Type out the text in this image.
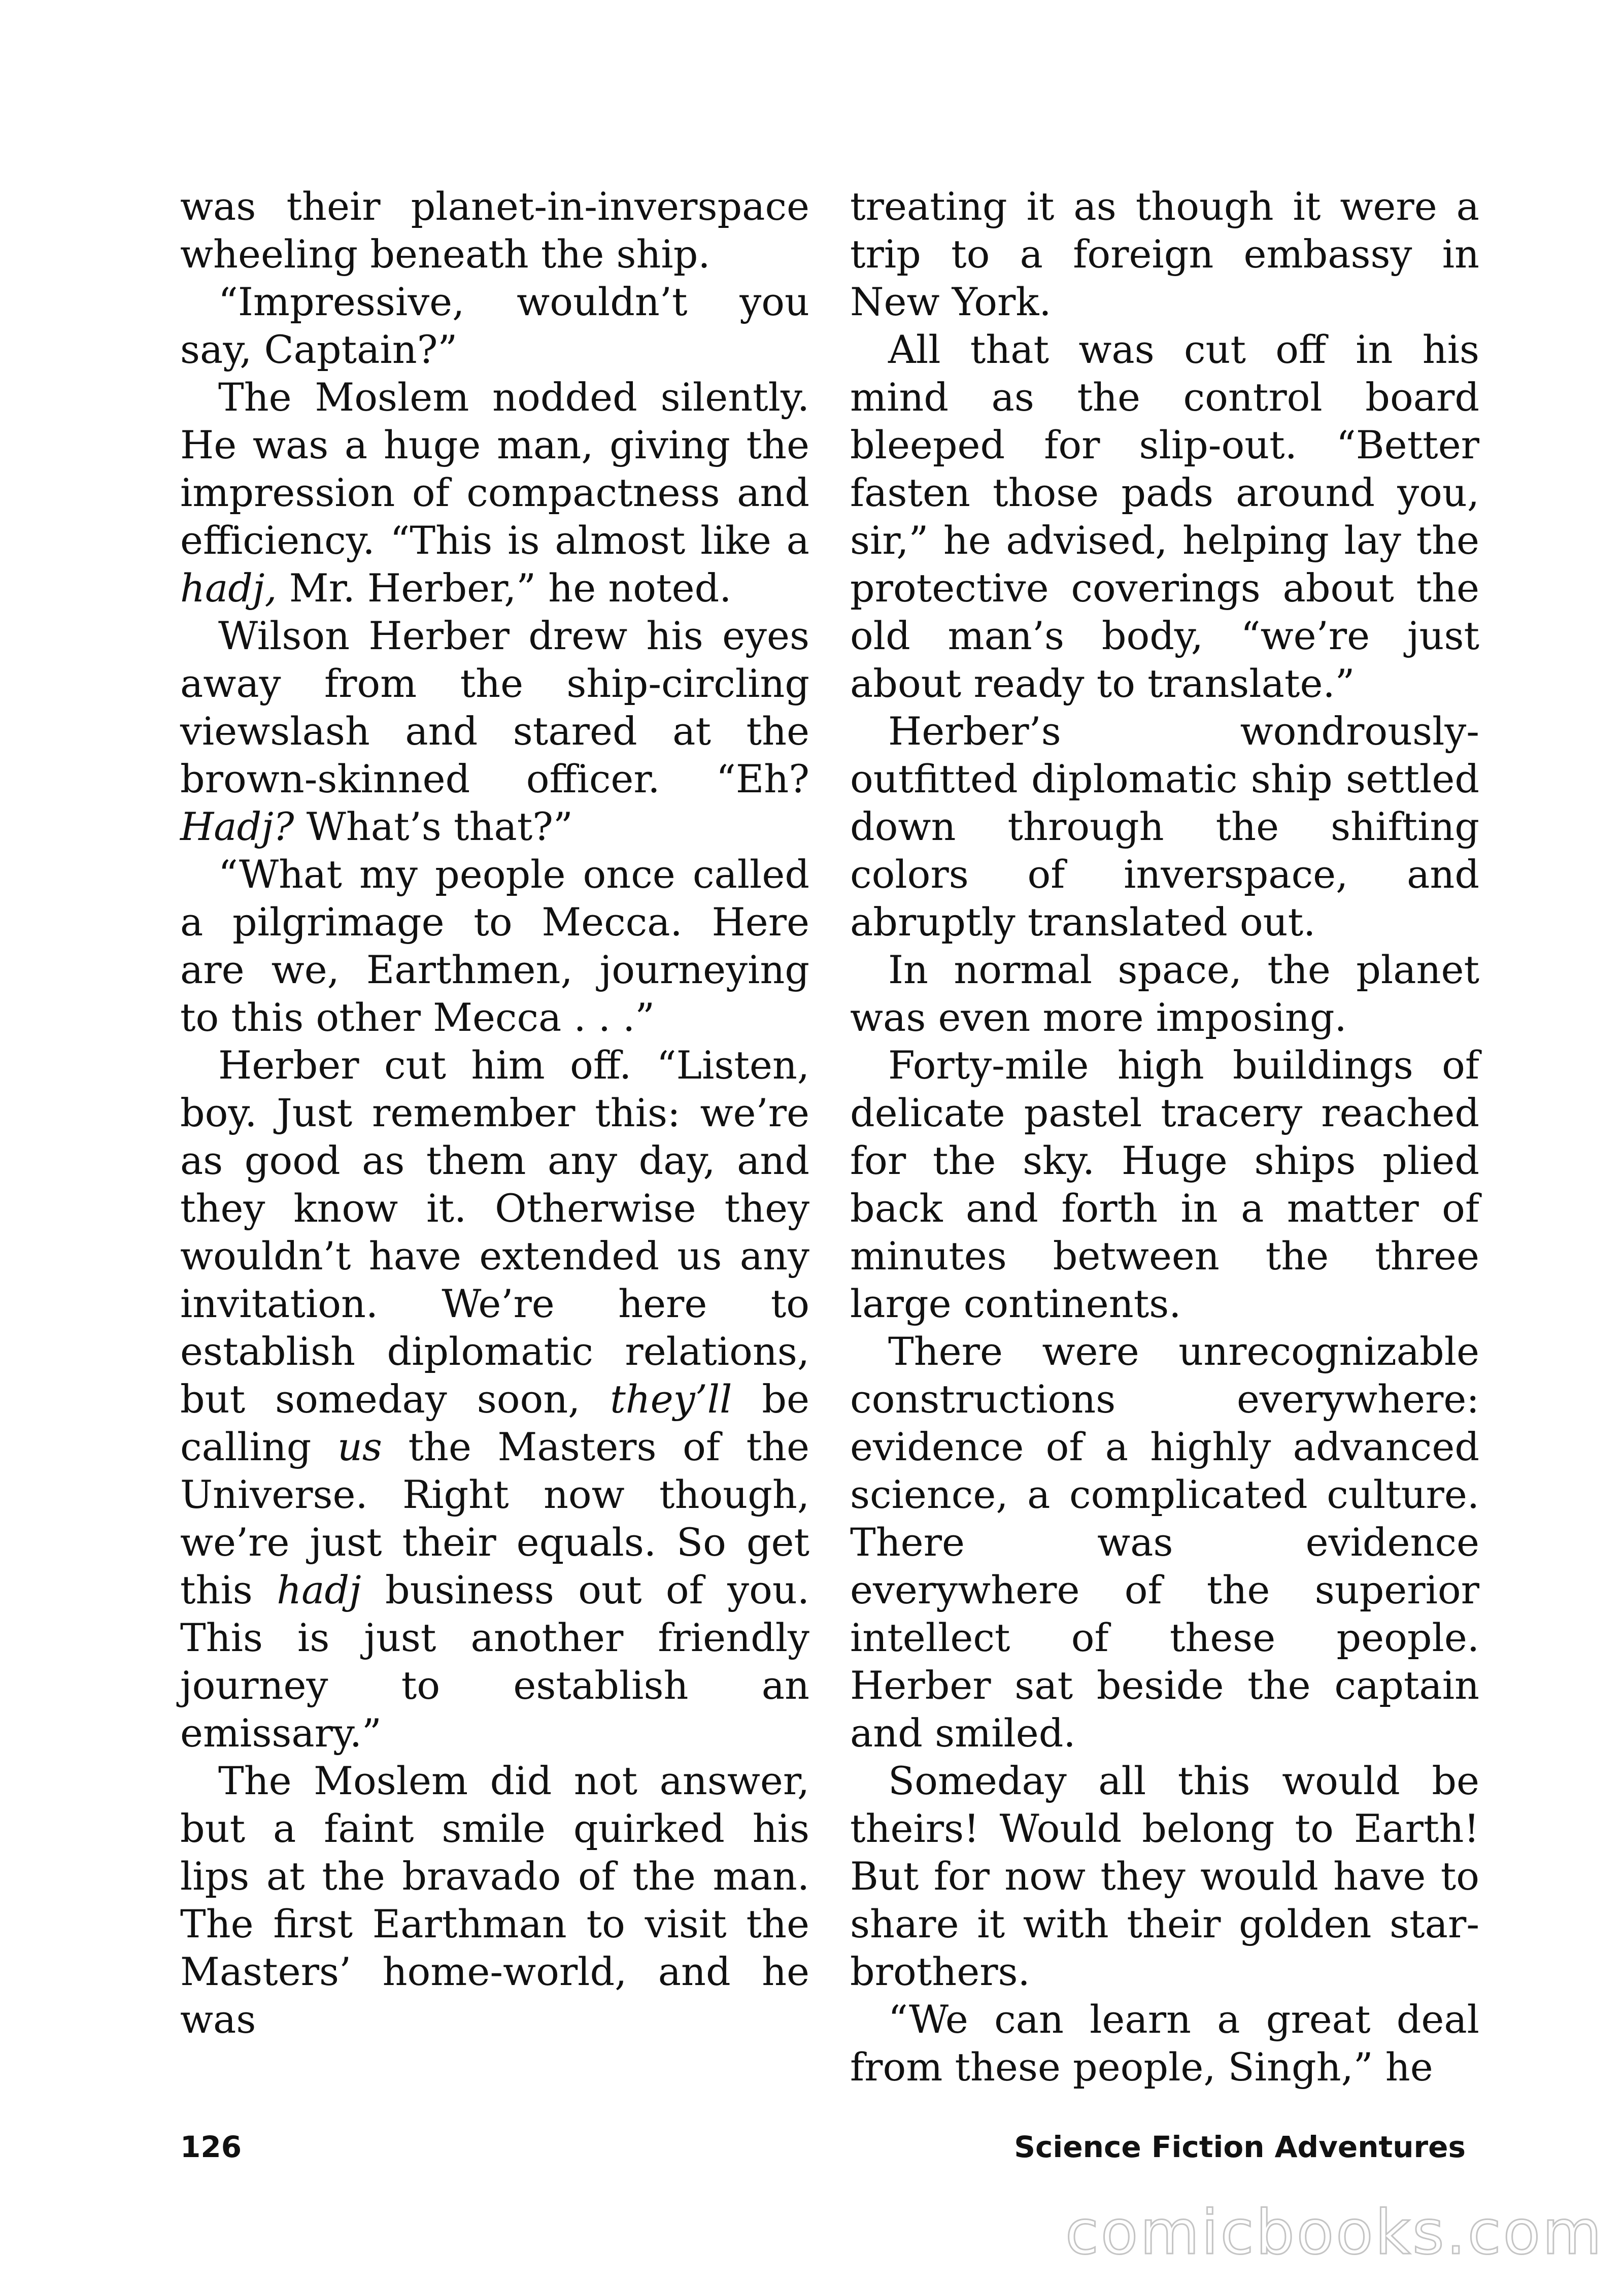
was their planet-in-inverspace wheeling beneath the ship.

“Impressive, wouldn’t you say, Captain?”

The Moslem nodded silently. He was a huge man, giving the impression of compactness and efficiency. “This is almost like a hadj, Mr. Herber,” he noted.

Wilson Herber drew his eyes away from the ship-circling viewslash and stared at the brown-skinned officer. “Eh? Hadj? What’s that?”

“What my people once called a pilgrimage to Mecca. Here are we, Earthmen, journeying to this other Mecca . . .”

Herber cut him off. “Listen, boy. Just remember this: we’re as good as them any day, and they know it. Otherwise they wouldn’t have extended us any invitation. We’re here to establish diplomatic relations, but someday soon, they’ll be calling us the Masters of the Universe. Right now though, we’re just their equals. So get this hadj business out of you. This is just another friendly journey to establish an emissary.”

The Moslem did not answer, but a faint smile quirked his lips at the bravado of the man. The first Earthman to visit the Masters’ home-world, and he was

treating it as though it were a trip to a foreign embassy in New York.

All that was cut off in his mind as the control board bleeped for slip-out. “Better fasten those pads around you, sir,” he advised, helping lay the protective coverings about the old man’s body, “we’re just about ready to translate.”

Herber’s wondrously-outfitted diplomatic ship settled down through the shifting colors of inverspace, and abruptly translated out.

In normal space, the planet was even more imposing.

Forty-mile high buildings of delicate pastel tracery reached for the sky. Huge ships plied back and forth in a matter of minutes between the three large continents.

There were unrecognizable constructions everywhere: evidence of a highly advanced science, a complicated culture. There was evidence everywhere of the superior intellect of these people. Herber sat beside the captain and smiled.

Someday all this would be theirs! Would belong to Earth! But for now they would have to share it with their golden star-brothers.

“We can learn a great deal from these people, Singh,” he

126	Science Fiction Adventures
comicbooks.com
